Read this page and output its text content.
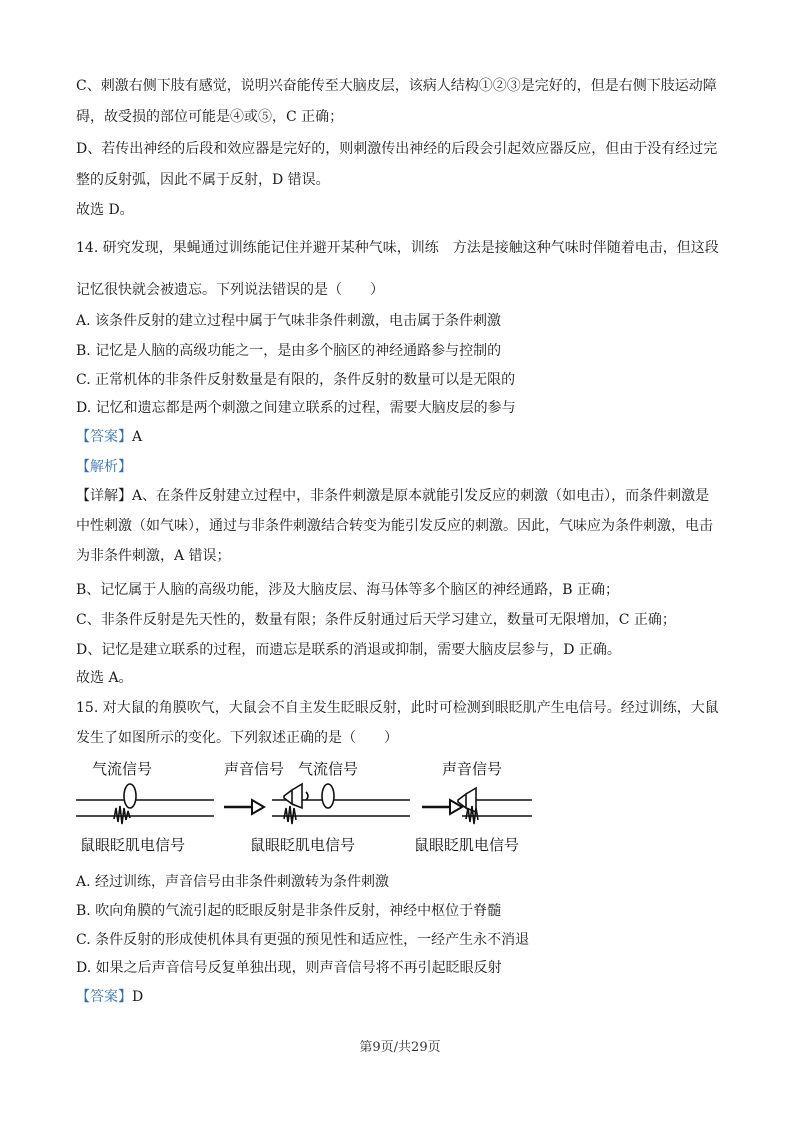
C、刺激右侧下肢有感觉，说明兴奋能传至大脑皮层，该病人结构①②③是完好的，但是右侧下肢运动障
碍，故受损的部位可能是④或⑤，C 正确；
D、若传出神经的后段和效应器是完好的，则刺激传出神经的后段会引起效应器反应，但由于没有经过完
整的反射弧，因此不属于反射，D 错误。
故选 D。
14. 研究发现，果蝇通过训练能记住并避开某种气味，训练　方法是接触这种气味时伴随着电击，但这段
记忆很快就会被遗忘。下列说法错误的是（　　）
A. 该条件反射的建立过程中属于气味非条件刺激，电击属于条件刺激
B. 记忆是人脑的高级功能之一，是由多个脑区的神经通路参与控制的
C. 正常机体的非条件反射数量是有限的，条件反射的数量可以是无限的
D. 记忆和遗忘都是两个刺激之间建立联系的过程，需要大脑皮层的参与
【答案】A
【解析】
【详解】A、在条件反射建立过程中，非条件刺激是原本就能引发反应的刺激（如电击），而条件刺激是
中性刺激（如气味），通过与非条件刺激结合转变为能引发反应的刺激。因此，气味应为条件刺激，电击
为非条件刺激，A 错误；
B、记忆属于人脑的高级功能，涉及大脑皮层、海马体等多个脑区的神经通路，B 正确；
C、非条件反射是先天性的，数量有限；条件反射通过后天学习建立，数量可无限增加，C 正确；
D、记忆是建立联系的过程，而遗忘是联系的消退或抑制，需要大脑皮层参与，D 正确。
故选 A。
15. 对大鼠的角膜吹气，大鼠会不自主发生眨眼反射，此时可检测到眼眨肌产生电信号。经过训练，大鼠
发生了如图所示的变化。下列叙述正确的是（　　）
气流信号	声音信号 气流信号	声音信号
鼠眼眨肌电信号	鼠眼眨肌电信号	鼠眼眨肌电信号
A. 经过训练，声音信号由非条件刺激转为条件刺激
B. 吹向角膜的气流引起的眨眼反射是非条件反射，神经中枢位于脊髓
C. 条件反射的形成使机体具有更强的预见性和适应性，一经产生永不消退
D. 如果之后声音信号反复单独出现，则声音信号将不再引起眨眼反射
【答案】D
第9页/共29页
